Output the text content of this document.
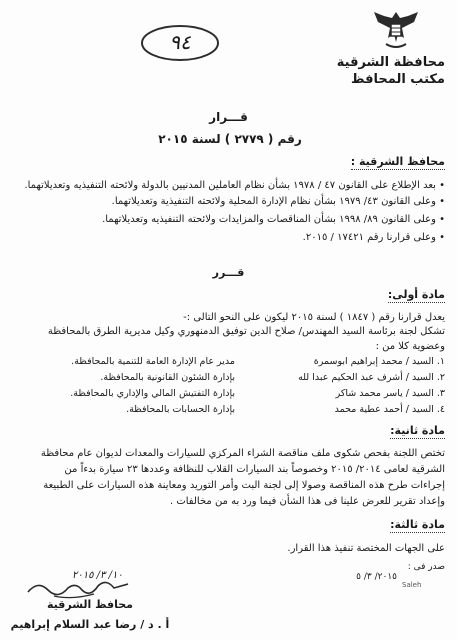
محافظة الشرقية
مكتب المحافظ
٩٤
قـــرار
رقم ( ٢٧٧٩ ) لسنة ٢٠١٥
محافظ الشرقية :
• بعد الإطلاع على القانون ٤٧ / ١٩٧٨ بشأن نظام العاملين المدنيين بالدولة ولائحته التنفيذيه وتعديلاتهما.
• وعلى القانون ٤٣/ ١٩٧٩ بشأن نظام الإدارة المحلية ولائحته التنفيذية وتعديلاتهما.
• وعلى القانون ٨٩/ ١٩٩٨ بشأن المناقصات والمزايدات ولائحته التنفيذيه وتعديلاتهما.
• وعلى قرارنا رقم ١٧٤٢١ / ٢٠١٥.
قـــرر
مادة أولى:
يعدل قرارنا رقم ( ١٨٤٧ ) لسنة ٢٠١٥ ليكون على النحو التالى :-
تشكل لجنة برئاسة السيد المهندس/ صلاح الدين توفيق الدمنهوري وكيل مديرية الطرق بالمحافظة
وعضوية كلا من :
١. السيد / محمد إبراهيم ابوسمرة
مدير عام الإدارة العامة للتنمية بالمحافظة.
٢. السيد / أشرف عبد الحكيم عبدا لله
بإدارة الشئون القانونية بالمحافظة.
٣. السيد / ياسر محمد شاكر
بإدارة التفتيش المالي والإداري بالمحافظة.
٤. السيد / أحمد عطية محمد
بإدارة الحسابات بالمحافظة.
مادة ثانية:
تختص اللجنة بفحص شكوى ملف مناقصة الشراء المركزي للسيارات والمعدات لديوان عام محافظة
الشرقية لعامى ٢٠١٤/ ٢٠١٥ وخصوصاً بند السيارات القلاب للنظافة وعددها ٢٣ سيارة بدءاً من
إجراءات طرح هذه المناقصة وصولا إلى لجنة البت وأمر التوريد ومعاينة هذه السيارات على الطبيعة
وإعداد تقرير للعرض علينا فى هذا الشأن فيما ورد به من مخالفات .
مادة ثالثة:
على الجهات المختصة تنفيذ هذا القرار.
صدر فى :
٢٠١٥/ ٣/ ٥
Saleh
١٠/ ٣/ ٢٠١٥
محافظ الشرقية
أ . د / رضا عبد السلام إبراهيم
